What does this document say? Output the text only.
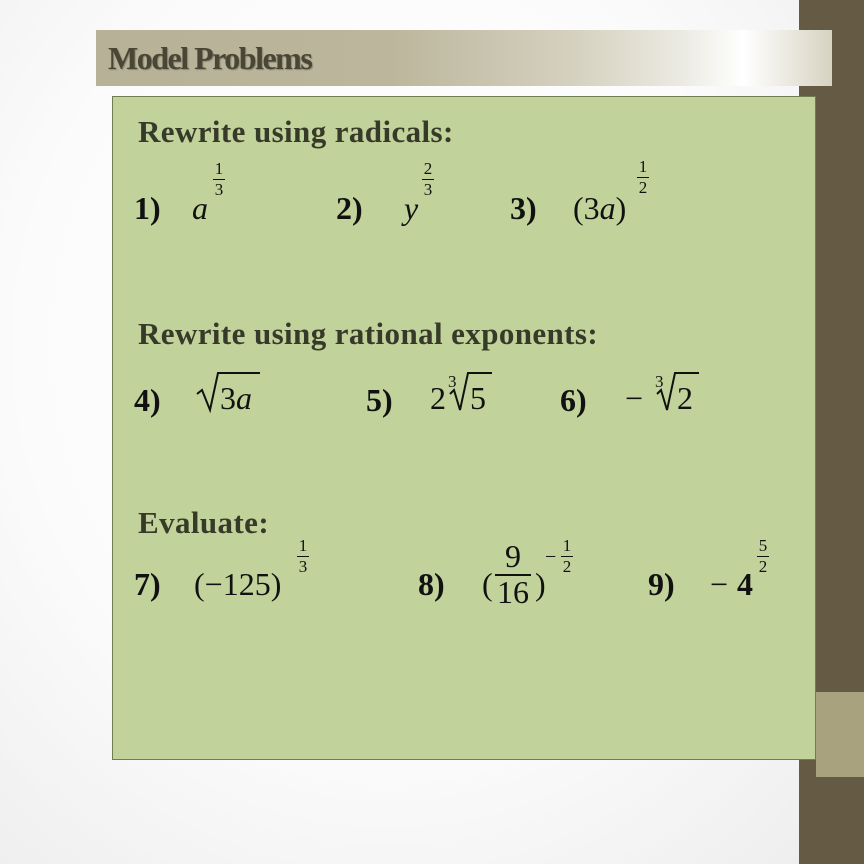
Model Problems
Rewrite using radicals:
1) a
1
3
2) y
2
3
3) (3a)
1
2
Rewrite using rational exponents:
4) 3a	5) 2 3 5 6) − 3 2
Evaluate:
7) (−125)
1
3	8) (
9
16 )
−
1
2 9) − 4
5
2
